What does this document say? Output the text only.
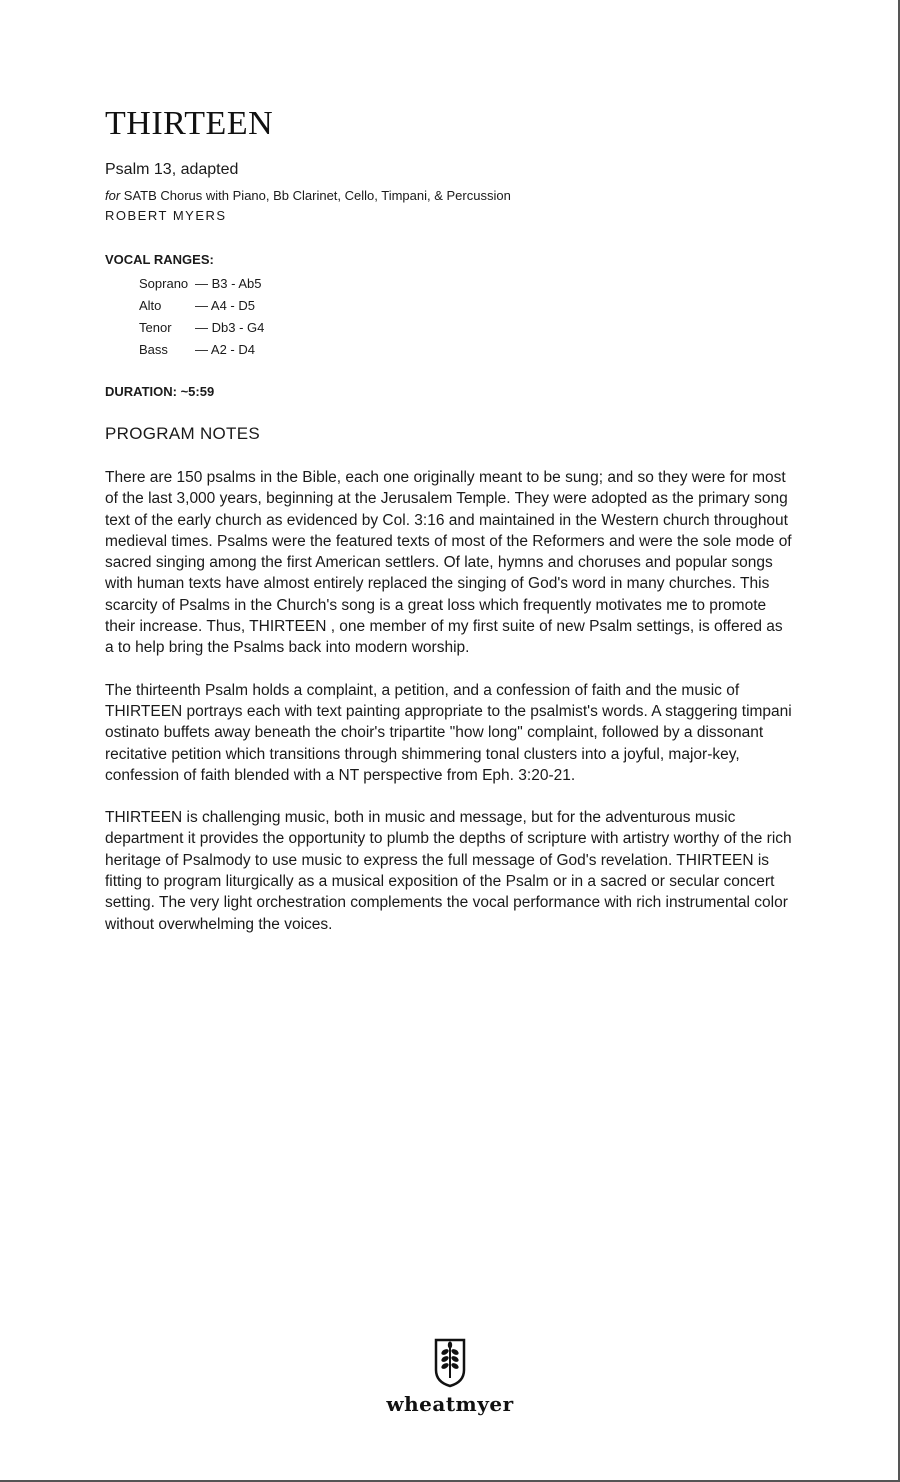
THIRTEEN
Psalm 13, adapted
for SATB Chorus with Piano, Bb Clarinet, Cello, Timpani, & Percussion
ROBERT MYERS
VOCAL RANGES:
Soprano — B3 - Ab5
Alto	— A4 - D5
Tenor	— Db3 - G4
Bass	— A2 - D4
DURATION: ~5:59
PROGRAM NOTES

There are 150 psalms in the Bible, each one originally meant to be sung; and so they were for most of the last 3,000 years, beginning at the Jerusalem Temple. They were adopted as the primary song text of the early church as evidenced by Col. 3:16 and maintained in the Western church throughout medieval times. Psalms were the featured texts of most of the Reformers and were the sole mode of sacred singing among the first American settlers. Of late, hymns and choruses and popular songs with human texts have almost entirely replaced the singing of God's word in many churches. This scarcity of Psalms in the Church's song is a great loss which frequently motivates me to promote their increase. Thus, THIRTEEN , one member of my first suite of new Psalm settings, is offered as a to help bring the Psalms back into modern worship.

The thirteenth Psalm holds a complaint, a petition, and a confession of faith and the music of THIRTEEN portrays each with text painting appropriate to the psalmist's words. A staggering timpani ostinato buffets away beneath the choir's tripartite "how long" complaint, followed by a dissonant recitative petition which transitions through shimmering tonal clusters into a joyful, major-key, confession of faith blended with a NT perspective from Eph. 3:20-21.

THIRTEEN is challenging music, both in music and message, but for the adventurous music department it provides the opportunity to plumb the depths of scripture with artistry worthy of the rich heritage of Psalmody to use music to express the full message of God's revelation. THIRTEEN is fitting to program liturgically as a musical exposition of the Psalm or in a sacred or secular concert setting. The very light orchestration complements the vocal performance with rich instrumental color without overwhelming the voices.

wheatmyer
